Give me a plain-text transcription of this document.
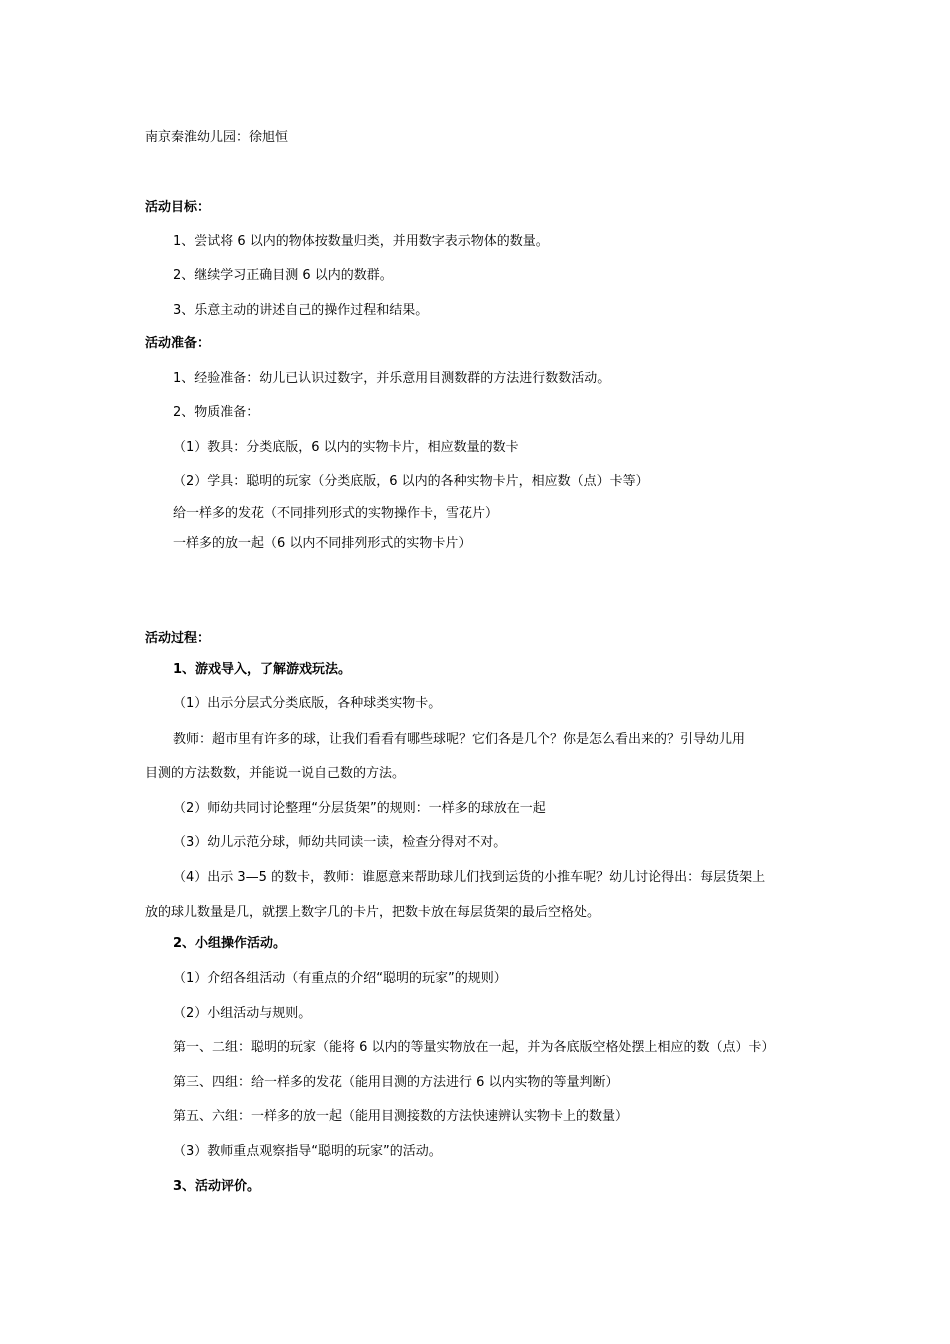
南京秦淮幼儿园：徐旭恒
活动目标：
1、尝试将 6 以内的物体按数量归类，并用数字表示物体的数量。
2、继续学习正确目测 6 以内的数群。
3、乐意主动的讲述自己的操作过程和结果。
活动准备：
1、经验准备：幼儿已认识过数字，并乐意用目测数群的方法进行数数活动。
2、物质准备：
（1）教具：分类底版，6 以内的实物卡片，相应数量的数卡
（2）学具：聪明的玩家（分类底版，6 以内的各种实物卡片，相应数（点）卡等）
给一样多的发花（不同排列形式的实物操作卡，雪花片）
一样多的放一起（6 以内不同排列形式的实物卡片）
活动过程：
1、游戏导入，了解游戏玩法。
（1）出示分层式分类底版，各种球类实物卡。
教师：超市里有许多的球，让我们看看有哪些球呢？它们各是几个？你是怎么看出来的？引导幼儿用
目测的方法数数，并能说一说自己数的方法。
（2）师幼共同讨论整理“分层货架”的规则：一样多的球放在一起
（3）幼儿示范分球，师幼共同读一读，检查分得对不对。
（4）出示 3—5 的数卡，教师：谁愿意来帮助球儿们找到运货的小推车呢？幼儿讨论得出：每层货架上
放的球儿数量是几，就摆上数字几的卡片，把数卡放在每层货架的最后空格处。
2、小组操作活动。
（1）介绍各组活动（有重点的介绍“聪明的玩家”的规则）
（2）小组活动与规则。
第一、二组：聪明的玩家（能将 6 以内的等量实物放在一起，并为各底版空格处摆上相应的数（点）卡）
第三、四组：给一样多的发花（能用目测的方法进行 6 以内实物的等量判断）
第五、六组：一样多的放一起（能用目测接数的方法快速辨认实物卡上的数量）
（3）教师重点观察指导“聪明的玩家”的活动。
3、活动评价。
